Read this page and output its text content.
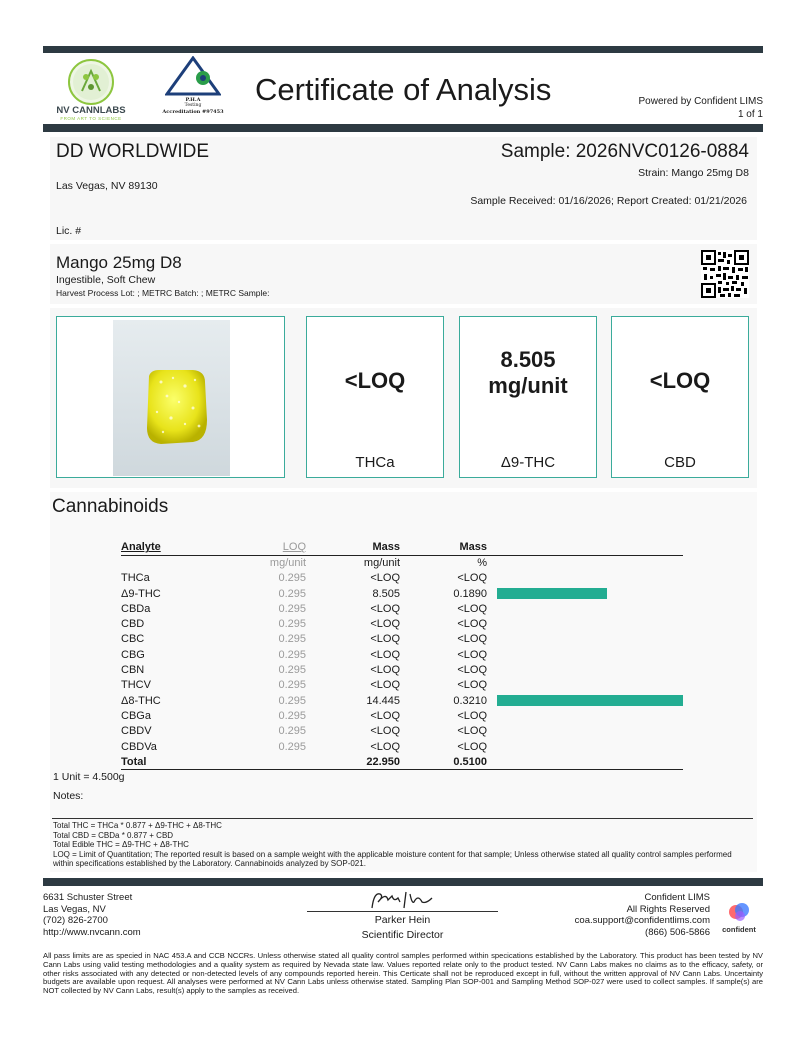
NV CANNLABS
FROM ART TO SCIENCE
P.H.A
Testing
Accreditation #97453
Certificate of Analysis	Powered by Confident LIMS
1 of 1
DD WORLDWIDE
Las Vegas, NV 89130
Lic. #
Sample: 2026NVC0126-0884
Strain: Mango 25mg D8
Sample Received: 01/16/2026; Report Created: 01/21/2026
Mango 25mg D8
Ingestible, Soft Chew
Harvest Process Lot: ; METRC Batch: ; METRC Sample:
<LOQ
THCa
8.505
mg/unit
Δ9-THC
<LOQ
CBD
Cannabinoids
Analyte	LOQ	Mass	Mass	
	mg/unit	mg/unit	%	
THCa	0.295	<LOQ	<LOQ	
Δ9-THC	0.295	8.505	0.1890	

CBDa	0.295	<LOQ	<LOQ	
CBD	0.295	<LOQ	<LOQ	
CBC	0.295	<LOQ	<LOQ	
CBG	0.295	<LOQ	<LOQ	
CBN	0.295	<LOQ	<LOQ	
THCV	0.295	<LOQ	<LOQ	
Δ8-THC	0.295	14.445	0.3210	

CBGa	0.295	<LOQ	<LOQ	
CBDV	0.295	<LOQ	<LOQ	
CBDVa	0.295	<LOQ	<LOQ	
Total		22.950	0.5100	
1 Unit = 4.500g
Notes:
Total THC = THCa * 0.877 + Δ9-THC + Δ8-THC
Total CBD = CBDa * 0.877 + CBD
Total Edible THC = Δ9-THC + Δ8-THC
LOQ = Limit of Quantitation; The reported result is based on a sample weight with the applicable moisture content for that sample; Unless otherwise stated all quality control samples performed within specifications established by the Laboratory. Cannabinoids analyzed by SOP-021.
6631 Schuster Street
Las Vegas, NV
(702) 826-2700
http://www.nvcann.com
Parker Hein
Scientific Director
Confident LIMS
All Rights Reserved
coa.support@confidentlims.com
(866) 506-5866	confident
All pass limits are as specied in NAC 453.A and CCB NCCRs. Unless otherwise stated all quality control samples performed within specications established by the Laboratory. This product has been tested by NV Cann Labs using valid testing methodologies and a quality system as required by Nevada state law. Values reported relate only to the product tested. NV Cann Labs makes no claims as to the efficacy, safety, or other risks associated with any detected or non-detected levels of any compounds reported herein. This Certicate shall not be reproduced except in full, without the written approval of NV Cann Labs. Uncertainty budgets are available upon request. All analyses were performed at NV Cann Labs unless otherwise stated. Sampling Plan SOP-001 and Sampling Method SOP-027 were used to collect samples. If sample(s) are NOT collected by NV Cann Labs, result(s) apply to the samples as received.
